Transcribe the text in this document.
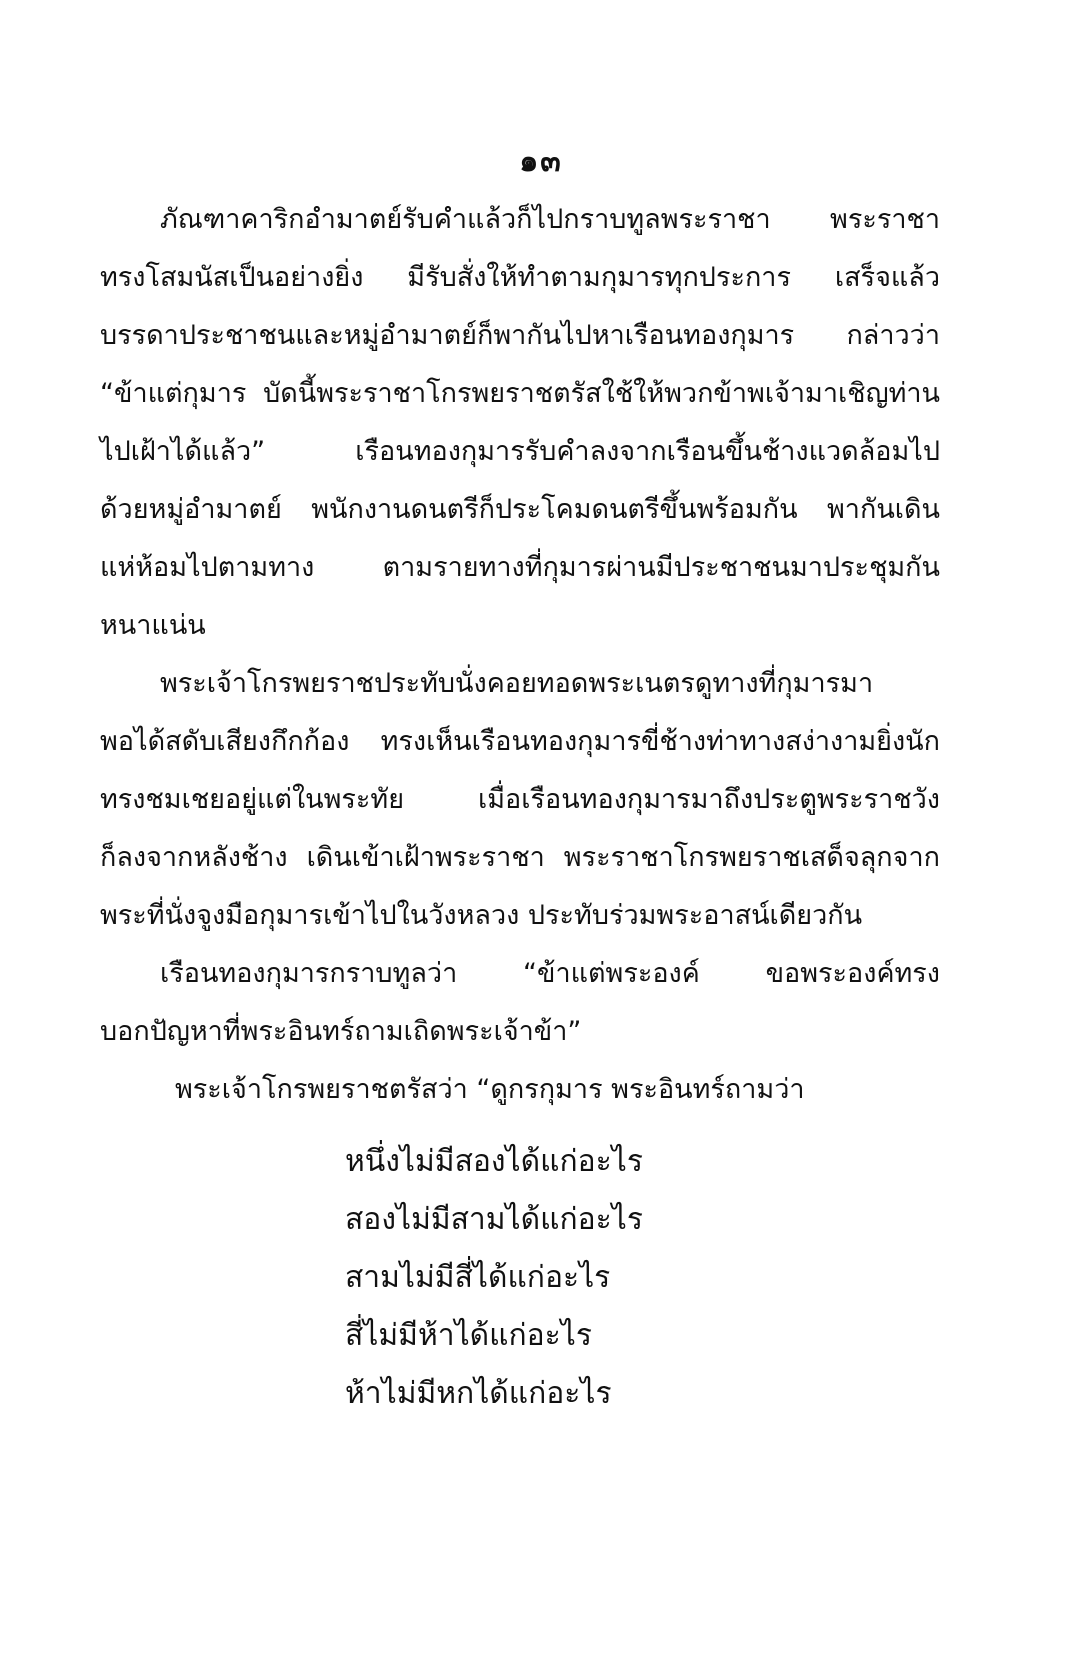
๑๓
ภัณฑาคาริกอำมาตย์รับคำแล้วก็ไปกราบทูลพระราชา พระราชา
ทรงโสมนัสเป็นอย่างยิ่ง มีรับสั่งให้ทำตามกุมารทุกประการ เสร็จแล้ว
บรรดาประชาชนและหมู่อำมาตย์ก็พากันไปหาเรือนทองกุมาร กล่าวว่า
“ข้าแต่กุมาร บัดนี้พระราชาโกรพยราชตรัสใช้ให้พวกข้าพเจ้ามาเชิญท่าน
ไปเฝ้าได้แล้ว” เรือนทองกุมารรับคำลงจากเรือนขึ้นช้างแวดล้อมไป
ด้วยหมู่อำมาตย์ พนักงานดนตรีก็ประโคมดนตรีขึ้นพร้อมกัน พากันเดิน
แห่ห้อมไปตามทาง ตามรายทางที่กุมารผ่านมีประชาชนมาประชุมกัน
หนาแน่น
พระเจ้าโกรพยราชประทับนั่งคอยทอดพระเนตรดูทางที่กุมารมา
พอได้สดับเสียงกึกก้อง ทรงเห็นเรือนทองกุมารขี่ช้างท่าทางสง่างามยิ่งนัก
ทรงชมเชยอยู่แต่ในพระทัย เมื่อเรือนทองกุมารมาถึงประตูพระราชวัง
ก็ลงจากหลังช้าง เดินเข้าเฝ้าพระราชา พระราชาโกรพยราชเสด็จลุกจาก
พระที่นั่งจูงมือกุมารเข้าไปในวังหลวง ประทับร่วมพระอาสน์เดียวกัน
เรือนทองกุมารกราบทูลว่า “ข้าแต่พระองค์ ขอพระองค์ทรง
บอกปัญหาที่พระอินทร์ถามเถิดพระเจ้าข้า”
พระเจ้าโกรพยราชตรัสว่า “ดูกรกุมาร พระอินทร์ถามว่า
หนึ่งไม่มีสองได้แก่อะไร
สองไม่มีสามได้แก่อะไร
สามไม่มีสี่ได้แก่อะไร
สี่ไม่มีห้าได้แก่อะไร
ห้าไม่มีหกได้แก่อะไร
